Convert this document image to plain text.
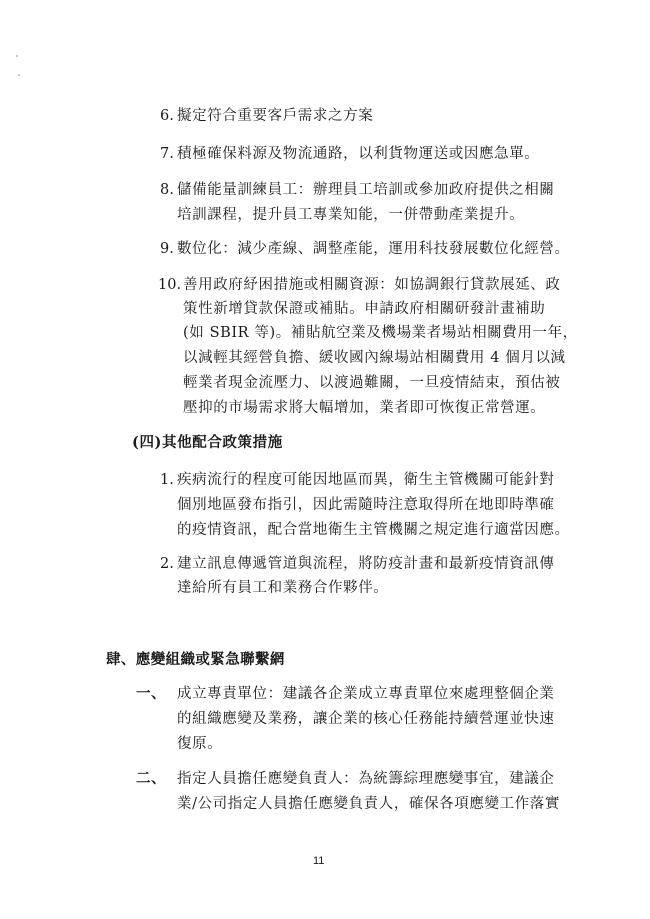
6. 擬定符合重要客戶需求之方案
7. 積極確保料源及物流通路，以利貨物運送或因應急單。
8. 儲備能量訓練員工：辦理員工培訓或參加政府提供之相關
培訓課程，提升員工專業知能，一併帶動產業提升。
9. 數位化：減少產線、調整產能，運用科技發展數位化經營。
10. 善用政府紓困措施或相關資源：如協調銀行貸款展延、政
策性新增貸款保證或補貼。申請政府相關研發計畫補助
(如 SBIR 等)。補貼航空業及機場業者場站相關費用一年，
以減輕其經營負擔、緩收國內線場站相關費用 4 個月以減
輕業者現金流壓力、以渡過難關，一旦疫情結束，預估被
壓抑的市場需求將大幅增加，業者即可恢復正常營運。
(四)其他配合政策措施
1. 疾病流行的程度可能因地區而異，衛生主管機關可能針對
個別地區發布指引，因此需隨時注意取得所在地即時準確
的疫情資訊，配合當地衛生主管機關之規定進行適當因應。
2. 建立訊息傳遞管道與流程，將防疫計畫和最新疫情資訊傳
達給所有員工和業務合作夥伴。
肆、應變組織或緊急聯繫網
一、 成立專責單位：建議各企業成立專責單位來處理整個企業
的組織應變及業務，讓企業的核心任務能持續營運並快速
復原。
二、 指定人員擔任應變負責人：為統籌綜理應變事宜，建議企
業/公司指定人員擔任應變負責人，確保各項應變工作落實
11
